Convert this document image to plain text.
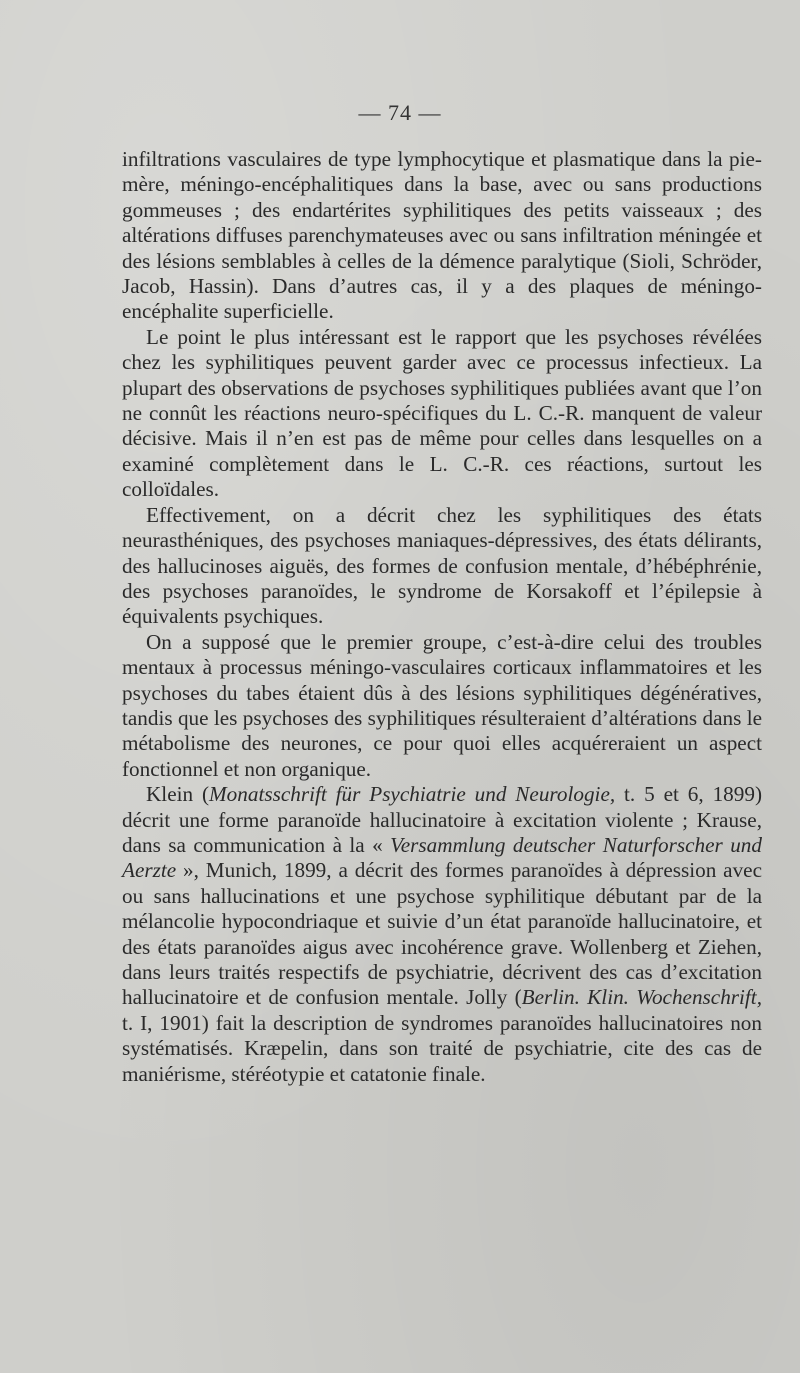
— 74 —

infiltrations vasculaires de type lymphocytique et plasmatique dans la pie-mère, méningo-encéphalitiques dans la base, avec ou sans productions gommeuses ; des endartérites syphilitiques des petits vaisseaux ; des altérations diffuses parenchymateuses avec ou sans infiltration méningée et des lésions semblables à celles de la démence paralytique (Sioli, Schröder, Jacob, Hassin). Dans d’autres cas, il y a des plaques de méningo-encéphalite superficielle.

Le point le plus intéressant est le rapport que les psychoses révélées chez les syphilitiques peuvent garder avec ce processus infectieux. La plupart des observations de psychoses syphilitiques publiées avant que l’on ne connût les réactions neuro-spécifiques du L. C.-R. manquent de valeur décisive. Mais il n’en est pas de même pour celles dans lesquelles on a examiné complètement dans le L. C.-R. ces réactions, surtout les colloïdales.

Effectivement, on a décrit chez les syphilitiques des états neurasthéniques, des psychoses maniaques-dépressives, des états délirants, des hallucinoses aiguës, des formes de confusion mentale, d’hébéphrénie, des psychoses paranoïdes, le syndrome de Korsakoff et l’épilepsie à équivalents psychiques.

On a supposé que le premier groupe, c’est-à-dire celui des troubles mentaux à processus méningo-vasculaires corticaux inflammatoires et les psychoses du tabes étaient dûs à des lésions syphilitiques dégénératives, tandis que les psychoses des syphilitiques résulteraient d’altérations dans le métabolisme des neurones, ce pour quoi elles acquéreraient un aspect fonctionnel et non organique.

Klein (Monatsschrift für Psychiatrie und Neurologie, t. 5 et 6, 1899) décrit une forme paranoïde hallucinatoire à excitation violente ; Krause, dans sa communication à la « Versammlung deutscher Naturforscher und Aerzte », Munich, 1899, a décrit des formes paranoïdes à dépression avec ou sans hallucinations et une psychose syphilitique débutant par de la mélancolie hypocondriaque et suivie d’un état paranoïde hallucinatoire, et des états paranoïdes aigus avec incohérence grave. Wollenberg et Ziehen, dans leurs traités respectifs de psychiatrie, décrivent des cas d’excitation hallucinatoire et de confusion mentale. Jolly (Berlin. Klin. Wochenschrift, t. I, 1901) fait la description de syndromes paranoïdes hallucinatoires non systématisés. Kræpelin, dans son traité de psychiatrie, cite des cas de maniérisme, stéréotypie et catatonie finale.
